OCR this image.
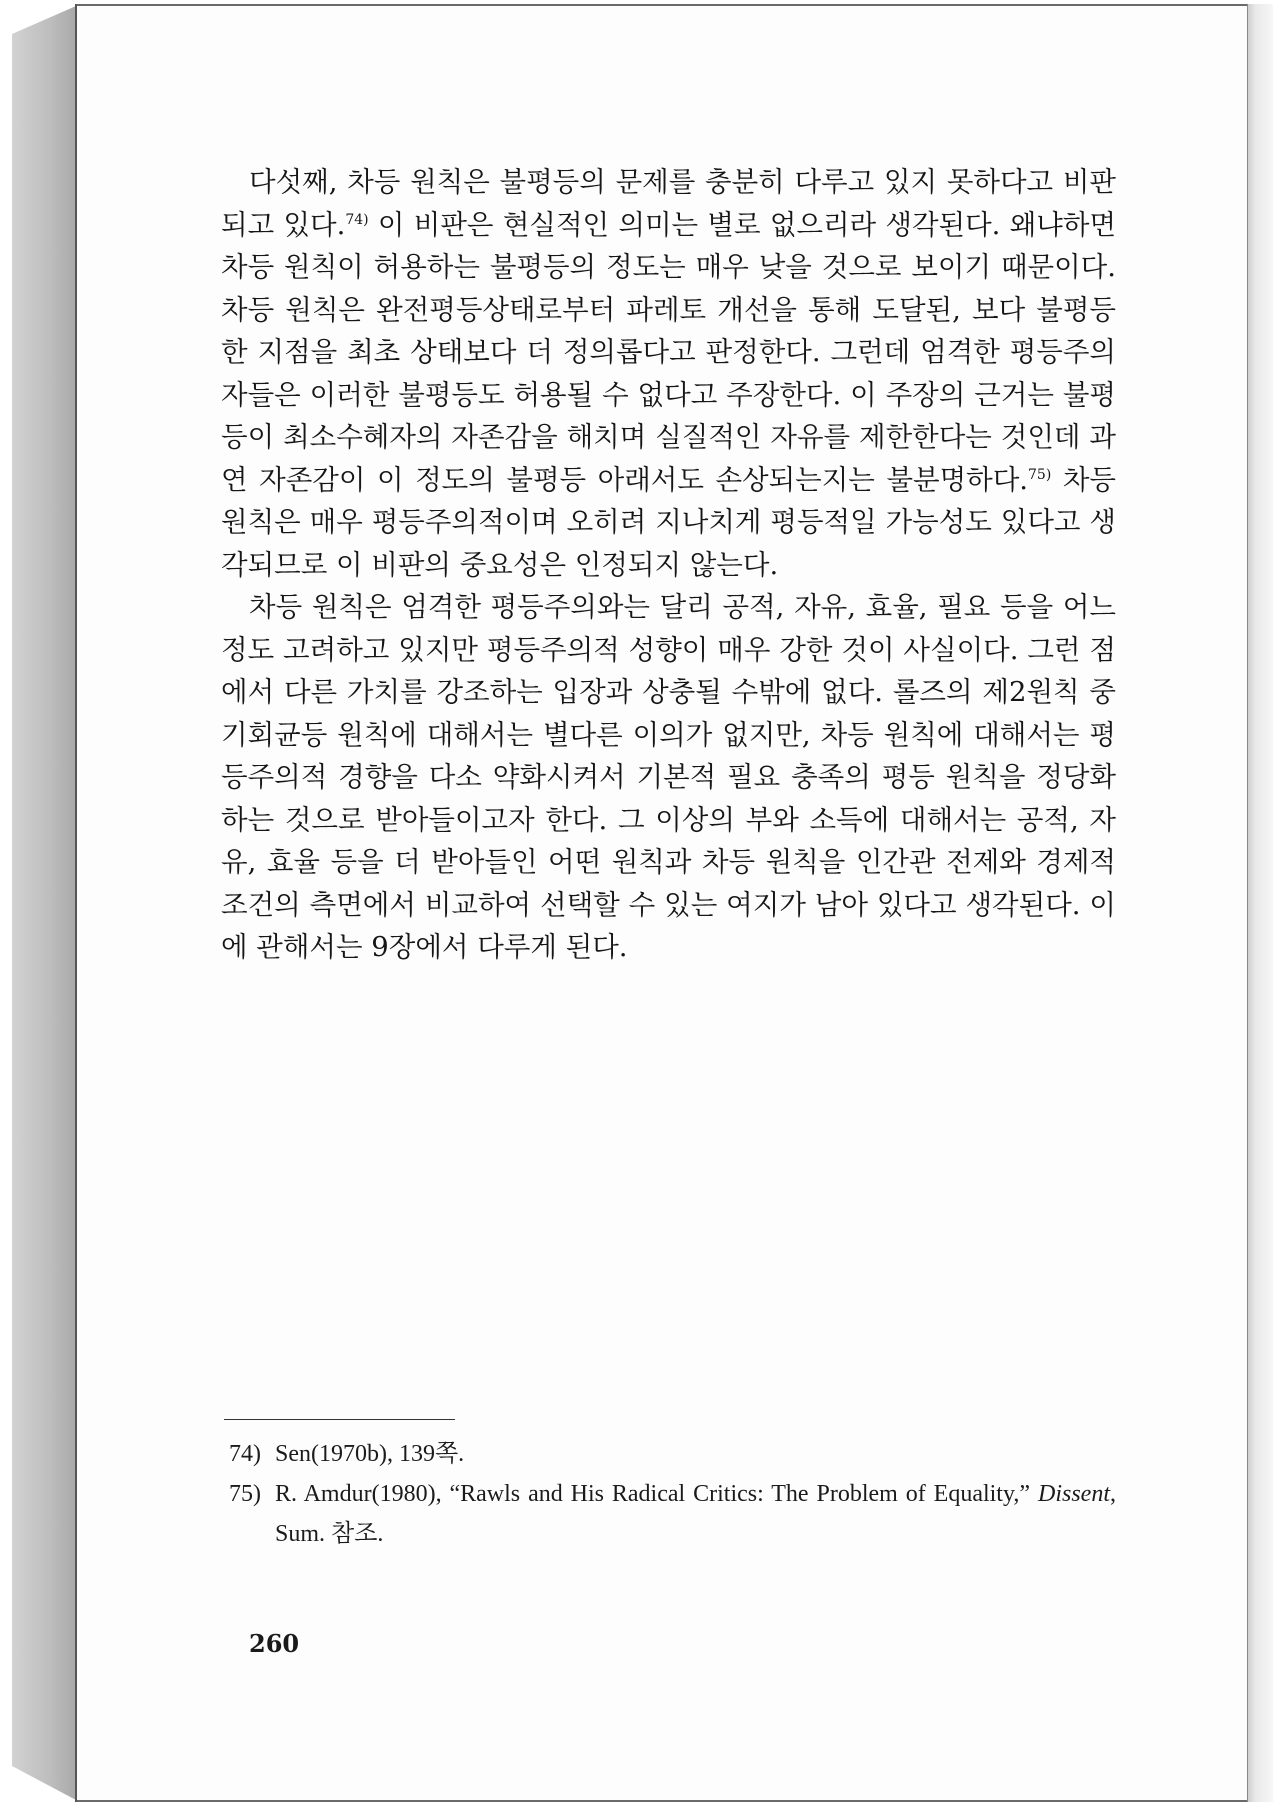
다섯째, 차등 원칙은 불평등의 문제를 충분히 다루고 있지 못하다고 비판되고 있다.$^{74)}$ 이 비판은 현실적인 의미는 별로 없으리라 생각된다. 왜냐하면 차등 원칙이 허용하는 불평등의 정도는 매우 낮을 것으로 보이기 때문이다. 차등 원칙은 완전평등상태로부터 파레토 개선을 통해 도달된, 보다 불평등한 지점을 최초 상태보다 더 정의롭다고 판정한다. 그런데 엄격한 평등주의자들은 이러한 불평등도 허용될 수 없다고 주장한다. 이 주장의 근거는 불평등이 최소수혜자의 자존감을 해치며 실질적인 자유를 제한한다는 것인데 과연 자존감이 이 정도의 불평등 아래서도 손상되는지는 불분명하다.$^{75)}$ 차등 원칙은 매우 평등주의적이며 오히려 지나치게 평등적일 가능성도 있다고 생각되므로 이 비판의 중요성은 인정되지 않는다.

차등 원칙은 엄격한 평등주의와는 달리 공적, 자유, 효율, 필요 등을 어느 정도 고려하고 있지만 평등주의적 성향이 매우 강한 것이 사실이다. 그런 점에서 다른 가치를 강조하는 입장과 상충될 수밖에 없다. 롤즈의 제2원칙 중 기회균등 원칙에 대해서는 별다른 이의가 없지만, 차등 원칙에 대해서는 평등주의적 경향을 다소 약화시켜서 기본적 필요 충족의 평등 원칙을 정당화하는 것으로 받아들이고자 한다. 그 이상의 부와 소득에 대해서는 공적, 자유, 효율 등을 더 받아들인 어떤 원칙과 차등 원칙을 인간관 전제와 경제적 조건의 측면에서 비교하여 선택할 수 있는 여지가 남아 있다고 생각된다. 이에 관해서는 9장에서 다루게 된다.

74) Sen(1970b), 139쪽.
75) R. Amdur(1980), “Rawls and His Radical Critics: The Problem of Equality,” Dissent, Sum. 참조.
260
